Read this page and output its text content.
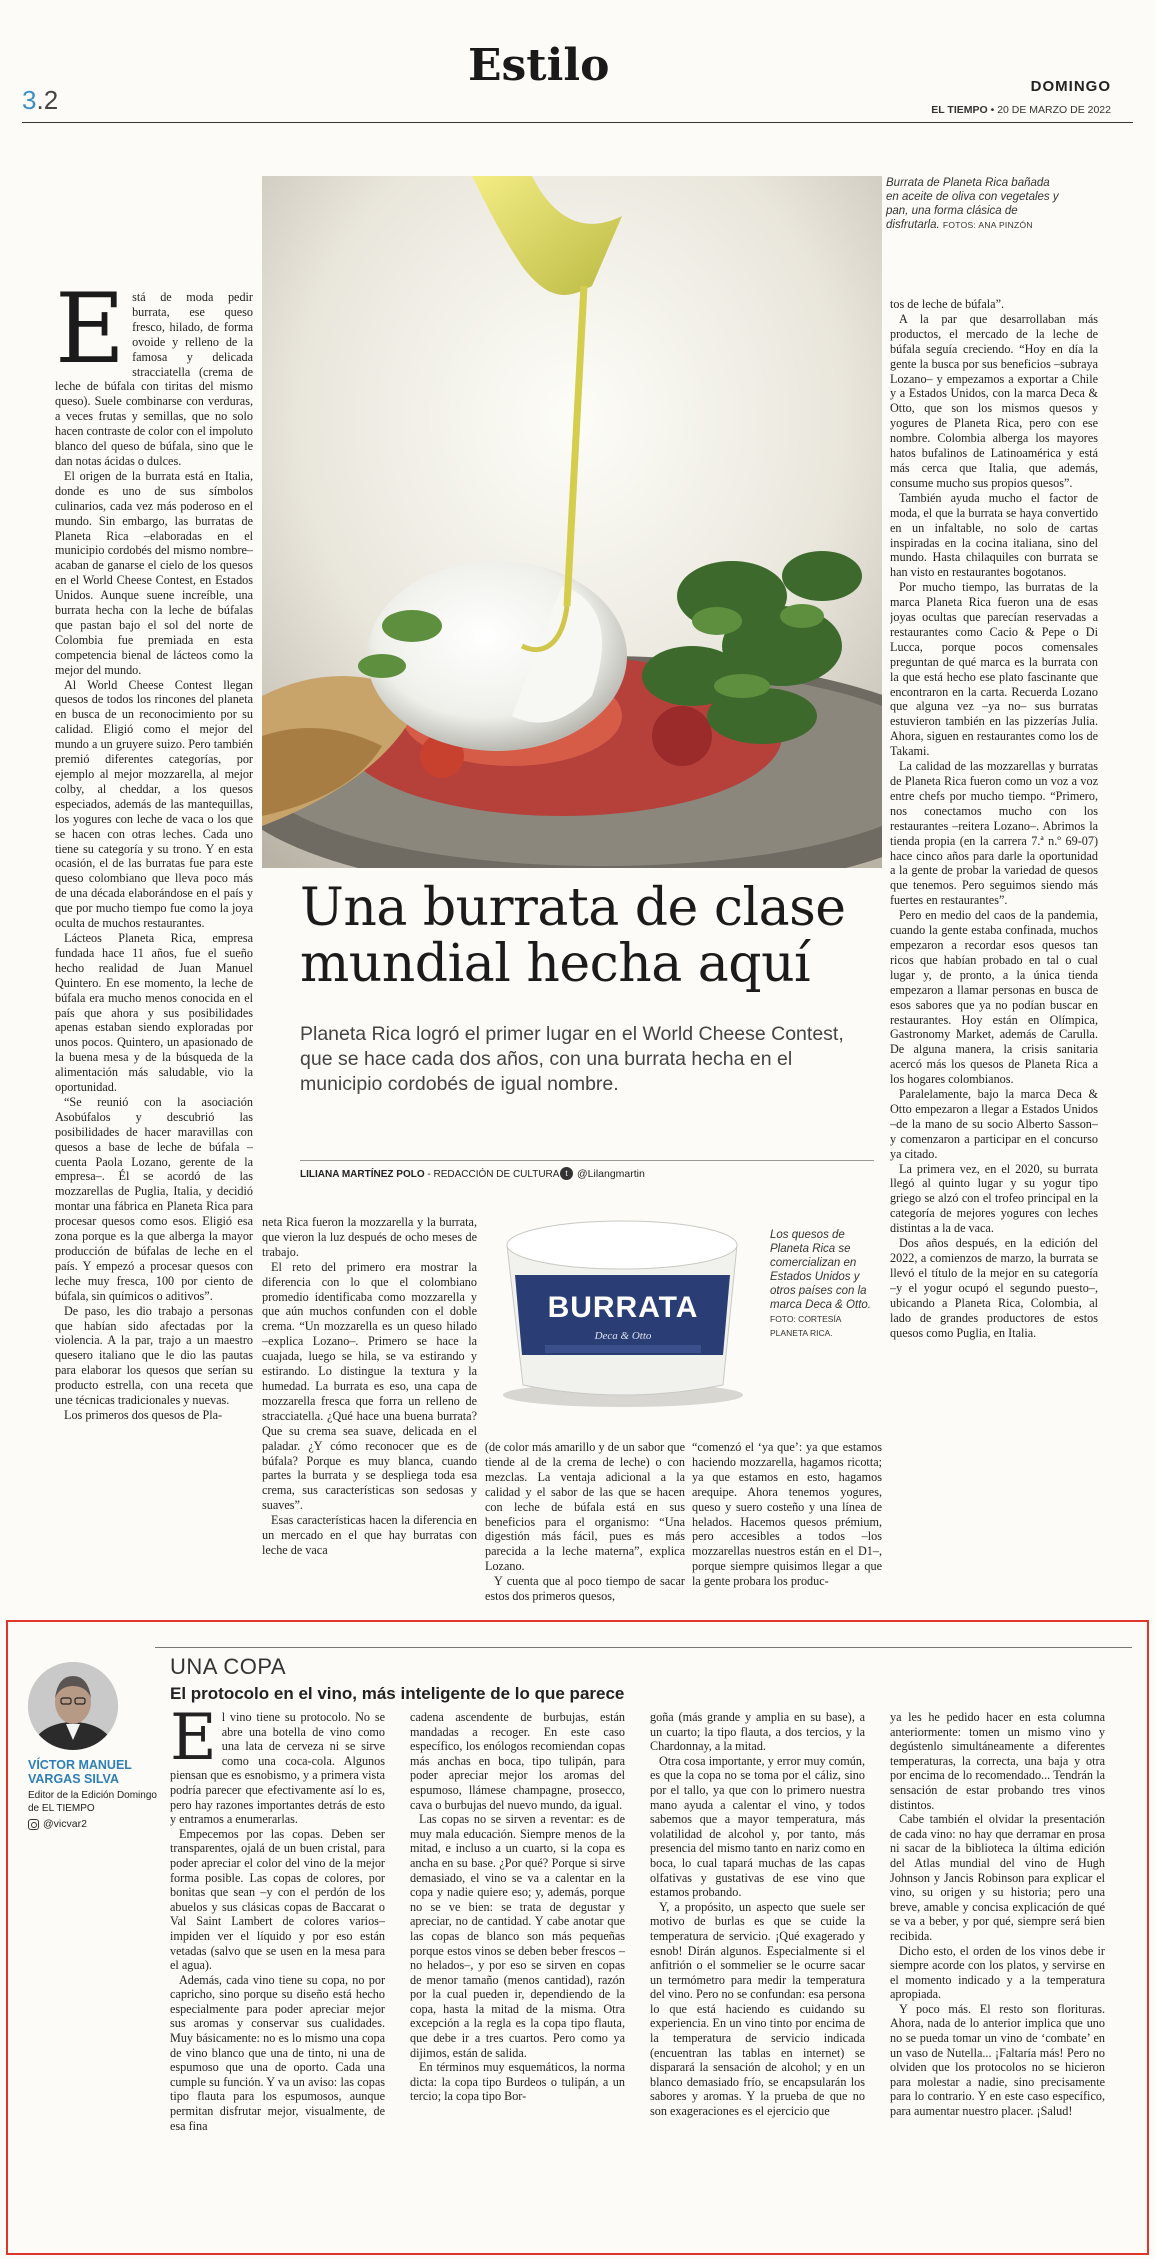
3.2
Estilo	DOMINGO
EL TIEMPO • 20 DE MARZO DE 2022
Burrata de Planeta Rica bañada en aceite de oliva con vegetales y pan, una forma clásica de disfrutarla. FOTOS: ANA PINZÓN
Una burrata de clase mundial hecha aquí
Planeta Rica logró el primer lugar en el World Cheese Contest, que se hace cada dos años, con una burrata hecha en el municipio cordobés de igual nombre.
LILIANA MARTÍNEZ POLO - REDACCIÓN DE CULTURA t @Lilangmartin

Está de moda pedir burrata, ese queso fresco, hilado, de forma ovoide y relleno de la famosa y delicada stracciatella (crema de leche de búfala con tiritas del mismo queso). Suele combinarse con verduras, a veces frutas y semillas, que no solo hacen contraste de color con el impoluto blanco del queso de búfala, sino que le dan notas ácidas o dulces.

El origen de la burrata está en Italia, donde es uno de sus símbolos culinarios, cada vez más poderoso en el mundo. Sin embargo, las burratas de Planeta Rica –elaboradas en el municipio cordobés del mismo nombre– acaban de ganarse el cielo de los quesos en el World Cheese Contest, en Estados Unidos. Aunque suene increíble, una burrata hecha con la leche de búfalas que pastan bajo el sol del norte de Colombia fue premiada en esta competencia bienal de lácteos como la mejor del mundo.

Al World Cheese Contest llegan quesos de todos los rincones del planeta en busca de un reconocimiento por su calidad. Eligió como el mejor del mundo a un gruyere suizo. Pero también premió diferentes categorías, por ejemplo al mejor mozzarella, al mejor colby, al cheddar, a los quesos especiados, además de las mantequillas, los yogures con leche de vaca o los que se hacen con otras leches. Cada uno tiene su categoría y su trono. Y en esta ocasión, el de las burratas fue para este queso colombiano que lleva poco más de una década elaborándose en el país y que por mucho tiempo fue como la joya oculta de muchos restaurantes.

Lácteos Planeta Rica, empresa fundada hace 11 años, fue el sueño hecho realidad de Juan Manuel Quintero. En ese momento, la leche de búfala era mucho menos conocida en el país que ahora y sus posibilidades apenas estaban siendo exploradas por unos pocos. Quintero, un apasionado de la buena mesa y de la búsqueda de la alimentación más saludable, vio la oportunidad.

“Se reunió con la asociación Asobúfalos y descubrió las posibilidades de hacer maravillas con quesos a base de leche de búfala –cuenta Paola Lozano, gerente de la empresa–. Él se acordó de las mozzarellas de Puglia, Italia, y decidió montar una fábrica en Planeta Rica para procesar quesos como esos. Eligió esa zona porque es la que alberga la mayor producción de búfalas de leche en el país. Y empezó a procesar quesos con leche muy fresca, 100 por ciento de búfala, sin químicos o aditivos”.

De paso, les dio trabajo a personas que habían sido afectadas por la violencia. A la par, trajo a un maestro quesero italiano que le dio las pautas para elaborar los quesos que serían su producto estrella, con una receta que une técnicas tradicionales y nuevas.

Los primeros dos quesos de Pla-

neta Rica fueron la mozzarella y la burrata, que vieron la luz después de ocho meses de trabajo.

El reto del primero era mostrar la diferencia con lo que el colombiano promedio identificaba como mozzarella y que aún muchos confunden con el doble crema. “Un mozzarella es un queso hilado –explica Lozano–. Primero se hace la cuajada, luego se hila, se va estirando y estirando. Lo distingue la textura y la humedad. La burrata es eso, una capa de mozzarella fresca que forra un relleno de stracciatella. ¿Qué hace una buena burrata? Que su crema sea suave, delicada en el paladar. ¿Y cómo reconocer que es de búfala? Porque es muy blanca, cuando partes la burrata y se despliega toda esa crema, sus características son sedosas y suaves”.

Esas características hacen la diferencia en un mercado en el que hay burratas con leche de vaca

(de color más amarillo y de un sabor que tiende al de la crema de leche) o con mezclas. La ventaja adicional a la calidad y el sabor de las que se hacen con leche de búfala está en sus beneficios para el organismo: “Una digestión más fácil, pues es más parecida a la leche materna”, explica Lozano.

Y cuenta que al poco tiempo de sacar estos dos primeros quesos,

“comenzó el ‘ya que’: ya que estamos haciendo mozzarella, hagamos ricotta; ya que estamos en esto, hagamos arequipe. Ahora tenemos yogures, queso y suero costeño y una línea de helados. Hacemos quesos prémium, pero accesibles a todos –los mozzarellas nuestros están en el D1–, porque siempre quisimos llegar a que la gente probara los produc-

tos de leche de búfala”.

A la par que desarrollaban más productos, el mercado de la leche de búfala seguía creciendo. “Hoy en día la gente la busca por sus beneficios –subraya Lozano– y empezamos a exportar a Chile y a Estados Unidos, con la marca Deca & Otto, que son los mismos quesos y yogures de Planeta Rica, pero con ese nombre. Colombia alberga los mayores hatos bufalinos de Latinoamérica y está más cerca que Italia, que además, consume mucho sus propios quesos”.

También ayuda mucho el factor de moda, el que la burrata se haya convertido en un infaltable, no solo de cartas inspiradas en la cocina italiana, sino del mundo. Hasta chilaquiles con burrata se han visto en restaurantes bogotanos.

Por mucho tiempo, las burratas de la marca Planeta Rica fueron una de esas joyas ocultas que parecían reservadas a restaurantes como Cacio & Pepe o Di Lucca, porque pocos comensales preguntan de qué marca es la burrata con la que está hecho ese plato fascinante que encontraron en la carta. Recuerda Lozano que alguna vez –ya no– sus burratas estuvieron también en las pizzerías Julia. Ahora, siguen en restaurantes como los de Takami.

La calidad de las mozzarellas y burratas de Planeta Rica fueron como un voz a voz entre chefs por mucho tiempo. “Primero, nos conectamos mucho con los restaurantes –reitera Lozano–. Abrimos la tienda propia (en la carrera 7.ª n.º 69-07) hace cinco años para darle la oportunidad a la gente de probar la variedad de quesos que tenemos. Pero seguimos siendo más fuertes en restaurantes”.

Pero en medio del caos de la pandemia, cuando la gente estaba confinada, muchos empezaron a recordar esos quesos tan ricos que habían probado en tal o cual lugar y, de pronto, a la única tienda empezaron a llamar personas en busca de esos sabores que ya no podían buscar en restaurantes. Hoy están en Olímpica, Gastronomy Market, además de Carulla. De alguna manera, la crisis sanitaria acercó más los quesos de Planeta Rica a los hogares colombianos.

Paralelamente, bajo la marca Deca & Otto empezaron a llegar a Estados Unidos –de la mano de su socio Alberto Sasson– y comenzaron a participar en el concurso ya citado.

La primera vez, en el 2020, su burrata llegó al quinto lugar y su yogur tipo griego se alzó con el trofeo principal en la categoría de mejores yogures con leches distintas a la de vaca.

Dos años después, en la edición del 2022, a comienzos de marzo, la burrata se llevó el título de la mejor en su categoría –y el yogur ocupó el segundo puesto–, ubicando a Planeta Rica, Colombia, al lado de grandes productores de estos quesos como Puglia, en Italia.

BURRATA
Deca & Otto
Los quesos de Planeta Rica se comercializan en Estados Unidos y otros países con la marca Deca & Otto. FOTO: CORTESÍA PLANETA RICA.
UNA COPA
El protocolo en el vino, más inteligente de lo que parece
VÍCTOR MANUEL VARGAS SILVA
Editor de la Edición Domingo de EL TIEMPO
@vicvar2

El vino tiene su protocolo. No se abre una botella de vino como una lata de cerveza ni se sirve como una coca-cola. Algunos piensan que es esnobismo, y a primera vista podría parecer que efectivamente así lo es, pero hay razones importantes detrás de esto y entramos a enumerarlas.

Empecemos por las copas. Deben ser transparentes, ojalá de un buen cristal, para poder apreciar el color del vino de la mejor forma posible. Las copas de colores, por bonitas que sean –y con el perdón de los abuelos y sus clásicas copas de Baccarat o Val Saint Lambert de colores varios– impiden ver el líquido y por eso están vetadas (salvo que se usen en la mesa para el agua).

Además, cada vino tiene su copa, no por capricho, sino porque su diseño está hecho especialmente para poder apreciar mejor sus aromas y conservar sus cualidades. Muy básicamente: no es lo mismo una copa de vino blanco que una de tinto, ni una de espumoso que una de oporto. Cada una cumple su función. Y va un aviso: las copas tipo flauta para los espumosos, aunque permitan disfrutar mejor, visualmente, de esa fina

cadena ascendente de burbujas, están mandadas a recoger. En este caso específico, los enólogos recomiendan copas más anchas en boca, tipo tulipán, para poder apreciar mejor los aromas del espumoso, llámese champagne, prosecco, cava o burbujas del nuevo mundo, da igual.

Las copas no se sirven a reventar: es de muy mala educación. Siempre menos de la mitad, e incluso a un cuarto, si la copa es ancha en su base. ¿Por qué? Porque si sirve demasiado, el vino se va a calentar en la copa y nadie quiere eso; y, además, porque no se ve bien: se trata de degustar y apreciar, no de cantidad. Y cabe anotar que las copas de blanco son más pequeñas porque estos vinos se deben beber frescos –no helados–, y por eso se sirven en copas de menor tamaño (menos cantidad), razón por la cual pueden ir, dependiendo de la copa, hasta la mitad de la misma. Otra excepción a la regla es la copa tipo flauta, que debe ir a tres cuartos. Pero como ya dijimos, están de salida.

En términos muy esquemáticos, la norma dicta: la copa tipo Burdeos o tulipán, a un tercio; la copa tipo Bor-

goña (más grande y amplia en su base), a un cuarto; la tipo flauta, a dos tercios, y la Chardonnay, a la mitad.

Otra cosa importante, y error muy común, es que la copa no se toma por el cáliz, sino por el tallo, ya que con lo primero nuestra mano ayuda a calentar el vino, y todos sabemos que a mayor temperatura, más volatilidad de alcohol y, por tanto, más presencia del mismo tanto en nariz como en boca, lo cual tapará muchas de las capas olfativas y gustativas de ese vino que estamos probando.

Y, a propósito, un aspecto que suele ser motivo de burlas es que se cuide la temperatura de servicio. ¡Qué exagerado y esnob! Dirán algunos. Especialmente si el anfitrión o el sommelier se le ocurre sacar un termómetro para medir la temperatura del vino. Pero no se confundan: esa persona lo que está haciendo es cuidando su experiencia. En un vino tinto por encima de la temperatura de servicio indicada (encuentran las tablas en internet) se disparará la sensación de alcohol; y en un blanco demasiado frío, se encapsularán los sabores y aromas. Y la prueba de que no son exageraciones es el ejercicio que

ya les he pedido hacer en esta columna anteriormente: tomen un mismo vino y degústenlo simultáneamente a diferentes temperaturas, la correcta, una baja y otra por encima de lo recomendado... Tendrán la sensación de estar probando tres vinos distintos.

Cabe también el olvidar la presentación de cada vino: no hay que derramar en prosa ni sacar de la biblioteca la última edición del Atlas mundial del vino de Hugh Johnson y Jancis Robinson para explicar el vino, su origen y su historia; pero una breve, amable y concisa explicación de qué se va a beber, y por qué, siempre será bien recibida.

Dicho esto, el orden de los vinos debe ir siempre acorde con los platos, y servirse en el momento indicado y a la temperatura apropiada.

Y poco más. El resto son florituras. Ahora, nada de lo anterior implica que uno no se pueda tomar un vino de ‘combate’ en un vaso de Nutella... ¡Faltaría más! Pero no olviden que los protocolos no se hicieron para molestar a nadie, sino precisamente para lo contrario. Y en este caso específico, para aumentar nuestro placer. ¡Salud!
